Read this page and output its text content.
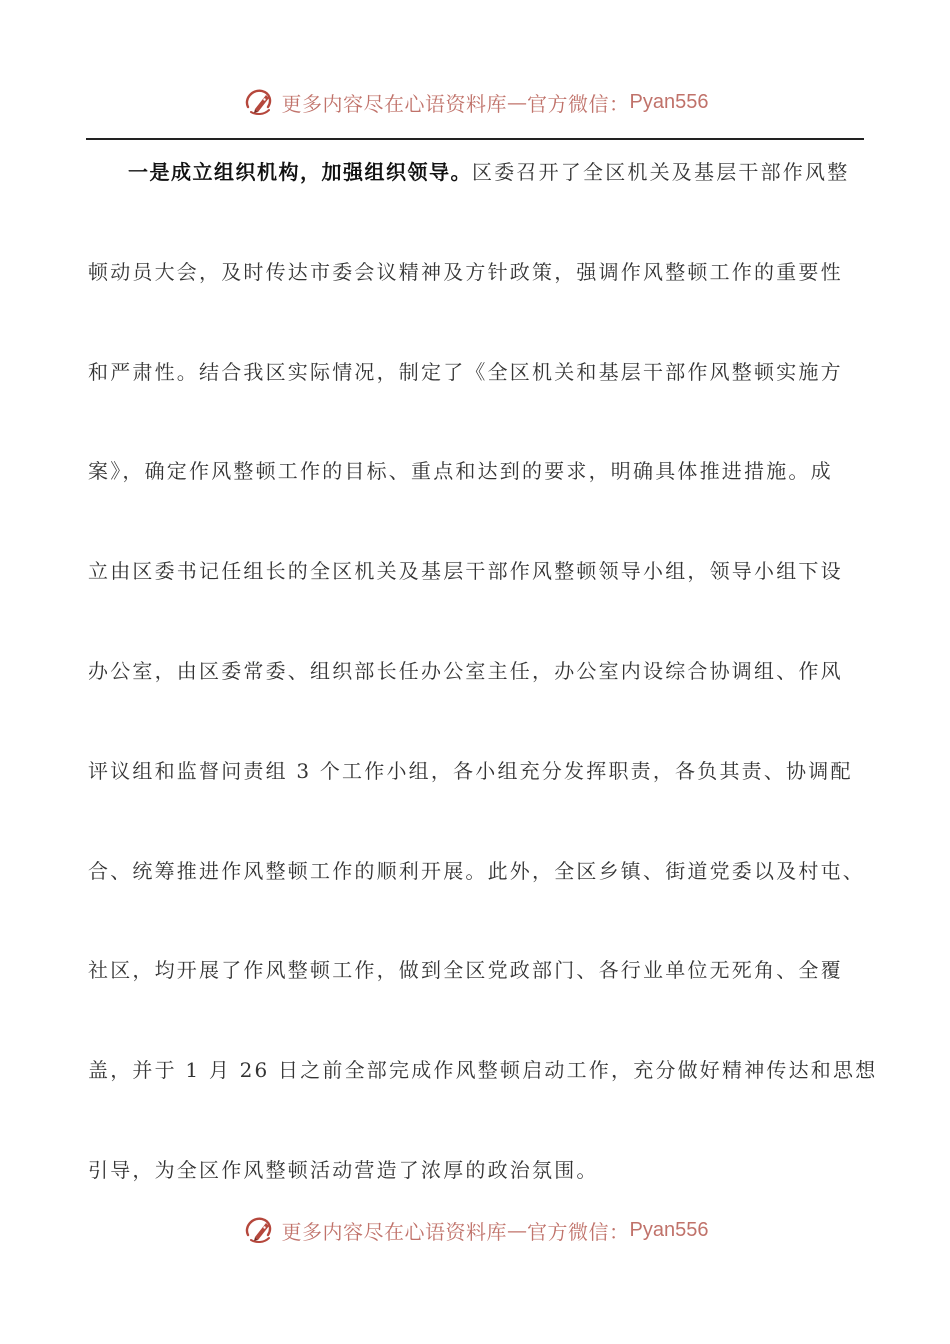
更多内容尽在心语资料库 — 官方微信： Pyan556
一是成立组织机构，加强组织领导。区委召开了全区机关及基层干部作风整
顿动员大会，及时传达市委会议精神及方针政策，强调作风整顿工作的重要性
和严肃性。结合我区实际情况，制定了《全区机关和基层干部作风整顿实施方
案》，确定作风整顿工作的目标、重点和达到的要求，明确具体推进措施。成
立由区委书记任组长的全区机关及基层干部作风整顿领导小组，领导小组下设
办公室，由区委常委、组织部长任办公室主任，办公室内设综合协调组、作风
评议组和监督问责组 3 个工作小组，各小组充分发挥职责，各负其责、协调配
合、统筹推进作风整顿工作的顺利开展。此外，全区乡镇、街道党委以及村屯、
社区，均开展了作风整顿工作，做到全区党政部门、各行业单位无死角、全覆
盖，并于 1 月 26 日之前全部完成作风整顿启动工作，充分做好精神传达和思想
引导，为全区作风整顿活动营造了浓厚的政治氛围。
更多内容尽在心语资料库 — 官方微信： Pyan556
